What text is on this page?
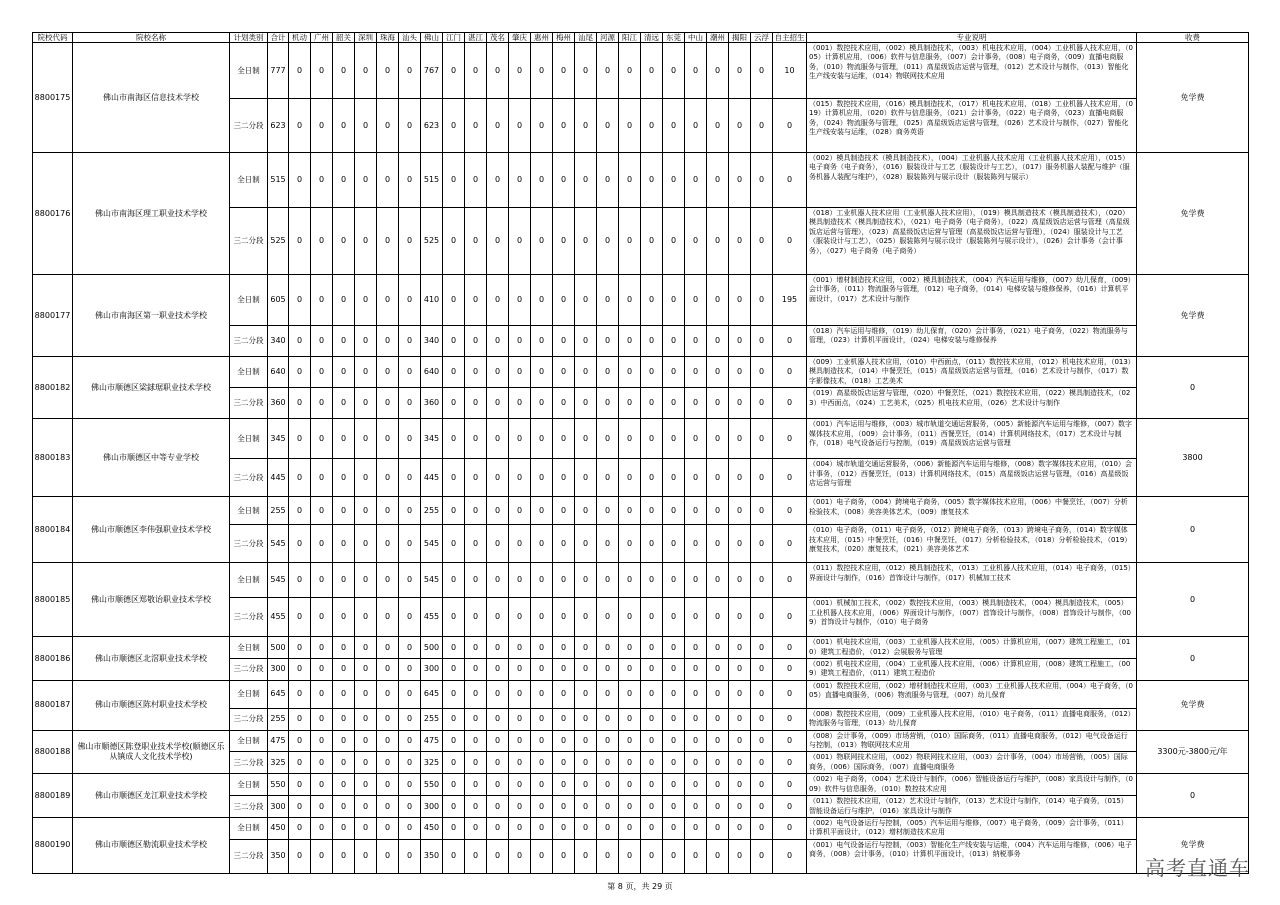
院校代码	院校名称	计划类别	合计	机动	广州	韶关	深圳	珠海	汕头	佛山	江门	湛江	茂名	肇庆	惠州	梅州	汕尾	河源	阳江	清远	东莞	中山	潮州	揭阳	云浮	自主招生	专业说明	收费
8800175	佛山市南海区信息技术学校	全日制	777	0	0	0	0	0	0	767	0	0	0	0	0	0	0	0	0	0	0	0	0	0	0	10	（001）数控技术应用，（002）模具制造技术，（003）机电技术应用，（004）工业机器人技术应用，（005）计算机应用，（006）软件与信息服务，（007）会计事务，（008）电子商务，（009）直播电商服务，（010）物流服务与管理，（011）高星级饭店运营与管理，（012）艺术设计与制作，（013）智能化生产线安装与运维，（014）物联网技术应用	免学费
		三二分段	623	0	0	0	0	0	0	623	0	0	0	0	0	0	0	0	0	0	0	0	0	0	0	0	（015）数控技术应用，（016）模具制造技术，（017）机电技术应用，（018）工业机器人技术应用，（019）计算机应用，（020）软件与信息服务，（021）会计事务，（022）电子商务，（023）直播电商服务，（024）物流服务与管理，（025）高星级饭店运营与管理，（026）艺术设计与制作，（027）智能化生产线安装与运维，（028）商务英语	
8800176	佛山市南海区理工职业技术学校	全日制	515	0	0	0	0	0	0	515	0	0	0	0	0	0	0	0	0	0	0	0	0	0	0	0	（002）模具制造技术（模具制造技术），（004）工业机器人技术应用（工业机器人技术应用），（015）电子商务（电子商务），（016）服装设计与工艺（服装设计与工艺），（017）服务机器人装配与维护（服务机器人装配与维护），（028）服装陈列与展示设计（服装陈列与展示）	免学费
		三二分段	525	0	0	0	0	0	0	525	0	0	0	0	0	0	0	0	0	0	0	0	0	0	0	0	（018）工业机器人技术应用（工业机器人技术应用），（019）模具制造技术（模具制造技术），（020）模具制造技术（模具制造技术），（021）电子商务（电子商务），（022）高星级饭店运营与管理（高星级饭店运营与管理），（023）高星级饭店运营与管理（高星级饭店运营与管理），（024）服装设计与工艺（服装设计与工艺），（025）服装陈列与展示设计（服装陈列与展示设计），（026）会计事务（会计事务），（027）电子商务（电子商务）	
8800177	佛山市南海区第一职业技术学校	全日制	605	0	0	0	0	0	0	410	0	0	0	0	0	0	0	0	0	0	0	0	0	0	0	195	（001）增材制造技术应用，（002）模具制造技术，（004）汽车运用与维修，（007）幼儿保育，（009）会计事务，（011）物流服务与管理，（012）电子商务，（014）电梯安装与维修保养，（016）计算机平面设计，（017）艺术设计与制作	免学费
		三二分段	340	0	0	0	0	0	0	340	0	0	0	0	0	0	0	0	0	0	0	0	0	0	0	0	（018）汽车运用与维修，（019）幼儿保育，（020）会计事务，（021）电子商务，（022）物流服务与管理，（023）计算机平面设计，（024）电梯安装与维修保养	
8800182	佛山市顺德区梁銶琚职业技术学校	全日制	640	0	0	0	0	0	0	640	0	0	0	0	0	0	0	0	0	0	0	0	0	0	0	0	（009）工业机器人技术应用，（010）中西面点，（011）数控技术应用，（012）机电技术应用，（013）模具制造技术，（014）中餐烹饪，（015）高星级饭店运营与管理，（016）艺术设计与制作，（017）数字影像技术，（018）工艺美术	0
		三二分段	360	0	0	0	0	0	0	360	0	0	0	0	0	0	0	0	0	0	0	0	0	0	0	0	（019）高星级饭店运营与管理，（020）中餐烹饪，（021）数控技术应用，（022）模具制造技术，（023）中西面点，（024）工艺美术，（025）机电技术应用，（026）艺术设计与制作	
8800183	佛山市顺德区中等专业学校	全日制	345	0	0	0	0	0	0	345	0	0	0	0	0	0	0	0	0	0	0	0	0	0	0	0	（001）汽车运用与维修，（003）城市轨道交通运营服务，（005）新能源汽车运用与维修，（007）数字媒体技术应用，（009）会计事务，（011）西餐烹饪，（014）计算机网络技术，（017）艺术设计与制作，（018）电气设备运行与控制，（019）高星级饭店运营与管理	3800
		三二分段	445	0	0	0	0	0	0	445	0	0	0	0	0	0	0	0	0	0	0	0	0	0	0	0	（004）城市轨道交通运营服务，（006）新能源汽车运用与维修，（008）数字媒体技术应用，（010）会计事务，（012）西餐烹饪，（013）计算机网络技术，（015）高星级饭店运营与管理，（016）高星级饭店运营与管理	
8800184	佛山市顺德区李伟强职业技术学校	全日制	255	0	0	0	0	0	0	255	0	0	0	0	0	0	0	0	0	0	0	0	0	0	0	0	（001）电子商务，（004）跨境电子商务，（005）数字媒体技术应用，（006）中餐烹饪，（007）分析检验技术，（008）美容美体艺术，（009）康复技术	0
		三二分段	545	0	0	0	0	0	0	545	0	0	0	0	0	0	0	0	0	0	0	0	0	0	0	0	（010）电子商务，（011）电子商务，（012）跨境电子商务，（013）跨境电子商务，（014）数字媒体技术应用，（015）中餐烹饪，（016）中餐烹饪，（017）分析检验技术，（018）分析检验技术，（019）康复技术，（020）康复技术，（021）美容美体艺术	
8800185	佛山市顺德区郑敬诒职业技术学校	全日制	545	0	0	0	0	0	0	545	0	0	0	0	0	0	0	0	0	0	0	0	0	0	0	0	（011）数控技术应用，（012）模具制造技术，（013）工业机器人技术应用，（014）电子商务，（015）界面设计与制作，（016）首饰设计与制作，（017）机械加工技术	0
		三二分段	455	0	0	0	0	0	0	455	0	0	0	0	0	0	0	0	0	0	0	0	0	0	0	0	（001）机械加工技术，（002）数控技术应用，（003）模具制造技术，（004）模具制造技术，（005）工业机器人技术应用，（006）界面设计与制作，（007）首饰设计与制作，（008）首饰设计与制作，（009）首饰设计与制作，（010）电子商务	
8800186	佛山市顺德区北滘职业技术学校	全日制	500	0	0	0	0	0	0	500	0	0	0	0	0	0	0	0	0	0	0	0	0	0	0	0	（001）机电技术应用，（003）工业机器人技术应用，（005）计算机应用，（007）建筑工程施工，（010）建筑工程造价，（012）会展服务与管理	0
		三二分段	300	0	0	0	0	0	0	300	0	0	0	0	0	0	0	0	0	0	0	0	0	0	0	0	（002）机电技术应用，（004）工业机器人技术应用，（006）计算机应用，（008）建筑工程施工，（009）建筑工程造价，（011）建筑工程造价	
8800187	佛山市顺德区陈村职业技术学校	全日制	645	0	0	0	0	0	0	645	0	0	0	0	0	0	0	0	0	0	0	0	0	0	0	0	（001）数控技术应用，（002）增材制造技术应用，（003）工业机器人技术应用，（004）电子商务，（005）直播电商服务，（006）物流服务与管理，（007）幼儿保育	免学费
		三二分段	255	0	0	0	0	0	0	255	0	0	0	0	0	0	0	0	0	0	0	0	0	0	0	0	（008）数控技术应用，（009）工业机器人技术应用，（010）电子商务，（011）直播电商服务，（012）物流服务与管理，（013）幼儿保育	
8800188	佛山市顺德区陈登职业技术学校(顺德区乐从镇成人文化技术学校)	全日制	475	0	0	0	0	0	0	475	0	0	0	0	0	0	0	0	0	0	0	0	0	0	0	0	（008）会计事务，（009）市场营销，（010）国际商务，（011）直播电商服务，（012）电气设备运行与控制，（013）物联网技术应用	3300元-3800元/年
		三二分段	325	0	0	0	0	0	0	325	0	0	0	0	0	0	0	0	0	0	0	0	0	0	0	0	（001）物联网技术应用，（002）物联网技术应用，（003）会计事务，（004）市场营销，（005）国际商务，（006）国际商务，（007）直播电商服务	
8800189	佛山市顺德区龙江职业技术学校	全日制	550	0	0	0	0	0	0	550	0	0	0	0	0	0	0	0	0	0	0	0	0	0	0	0	（002）电子商务，（004）艺术设计与制作，（006）智能设备运行与维护，（008）家具设计与制作，（009）软件与信息服务，（010）数控技术应用	0
		三二分段	300	0	0	0	0	0	0	300	0	0	0	0	0	0	0	0	0	0	0	0	0	0	0	0	（011）数控技术应用，（012）艺术设计与制作，（013）艺术设计与制作，（014）电子商务，（015）智能设备运行与维护，（016）家具设计与制作	
8800190	佛山市顺德区勒流职业技术学校	全日制	450	0	0	0	0	0	0	450	0	0	0	0	0	0	0	0	0	0	0	0	0	0	0	0	（002）电气设备运行与控制，（005）汽车运用与维修，（007）电子商务，（009）会计事务，（011）计算机平面设计，（012）增材制造技术应用	免学费
		三二分段	350	0	0	0	0	0	0	350	0	0	0	0	0	0	0	0	0	0	0	0	0	0	0	0	（001）电气设备运行与控制，（003）智能化生产线安装与运维，（004）汽车运用与维修，（006）电子商务，（008）会计事务，（010）计算机平面设计，（013）纳税事务	
第 8 页，共 29 页
高考直通车
